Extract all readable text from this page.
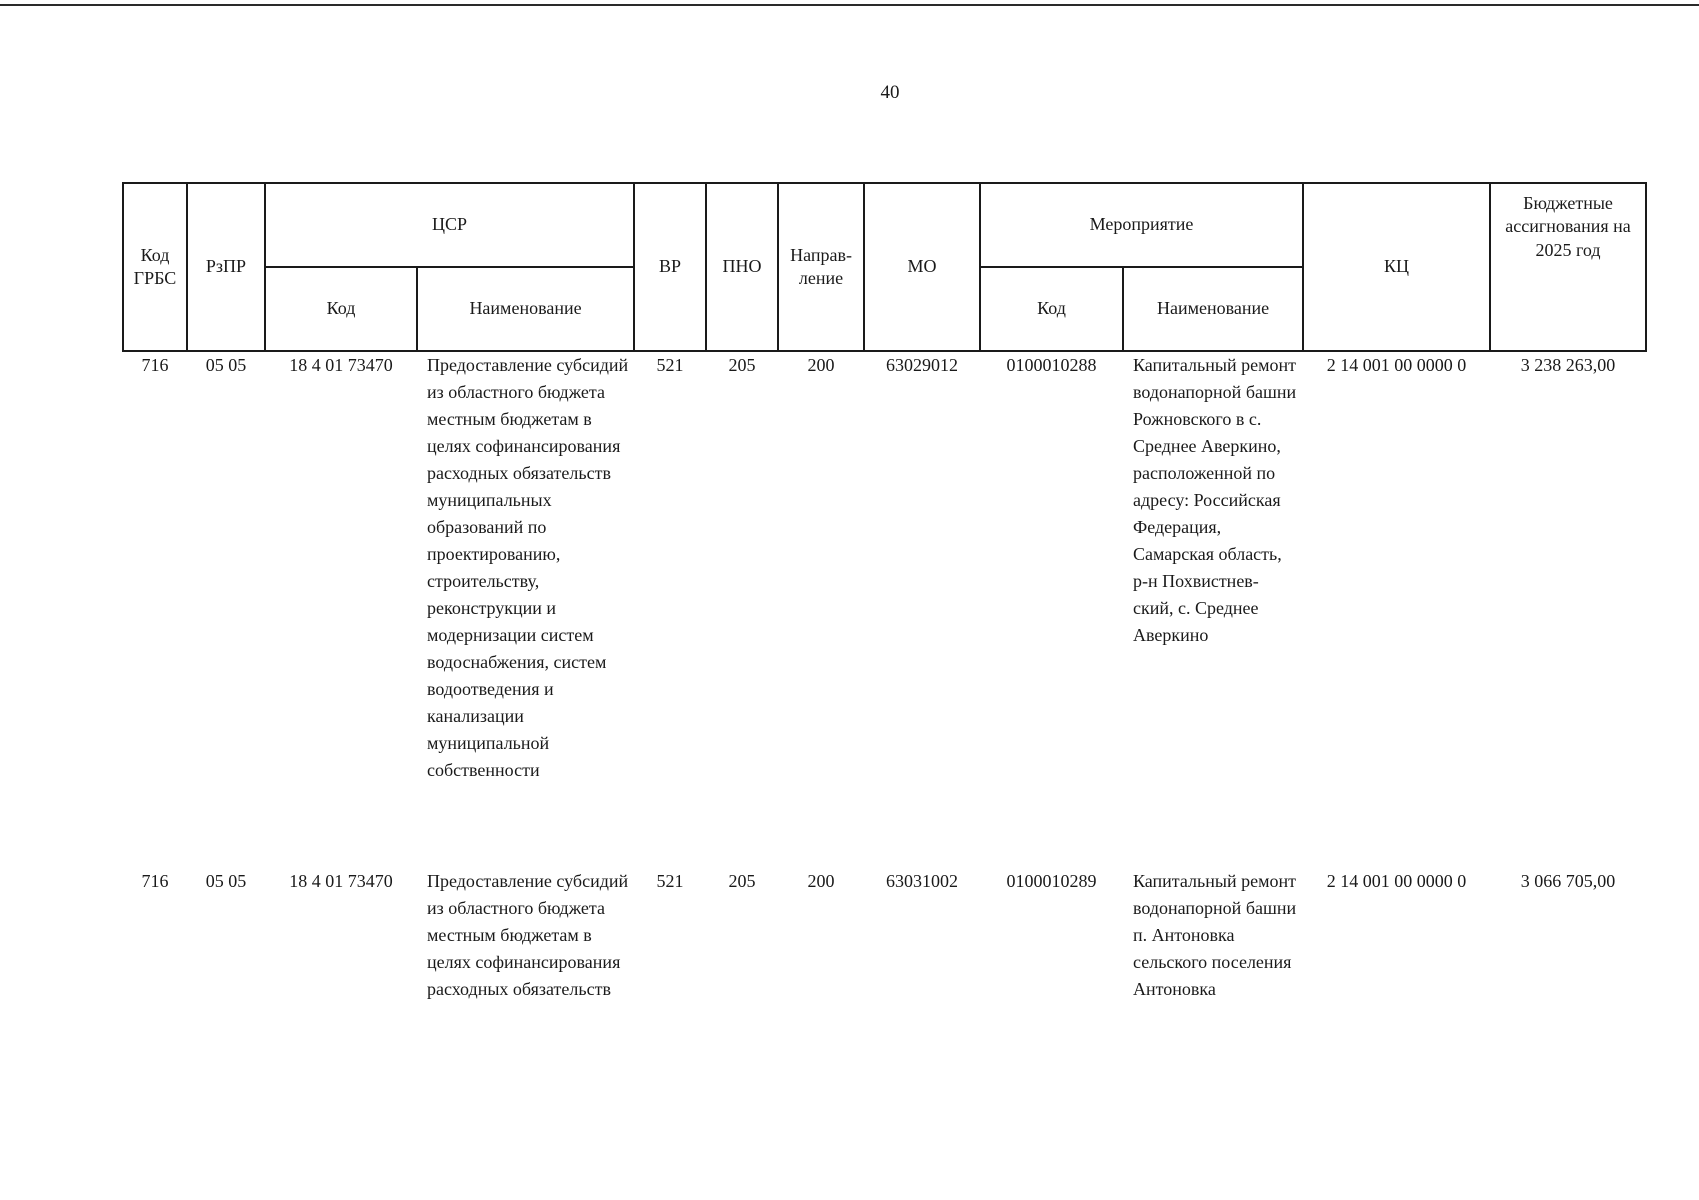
40
Код ГРБС	РзПР	ЦСР		ВР	ПНО	Направ-ление	МО	Мероприятие		КЦ	Бюджетные ассигнования на 2025 год
		Код	Наименование					Код	Наименование		
716	05 05	18 4 01 73470	Предоставление субсидий из областного бюджета местным бюджетам в целях софинансирования расходных обязательств муниципальных образований по проектированию, строительству, реконструкции и модернизации систем водоснабжения, систем водоотведения и канализации муниципальной собственности	521	205	200	63029012	0100010288	Капитальный ремонт водонапорной башни Рожновского в с. Среднее Аверкино, расположенной по адресу: Российская Федерация, Самарская область, р-н Похвистнев-ский, с. Среднее Аверкино	2 14 001 00 0000 0	3 238 263,00
716	05 05	18 4 01 73470	Предоставление субсидий из областного бюджета местным бюджетам в целях софинансирования расходных обязательств	521	205	200	63031002	0100010289	Капитальный ремонт водонапорной башни п. Антоновка сельского поселения Антоновка	2 14 001 00 0000 0	3 066 705,00
